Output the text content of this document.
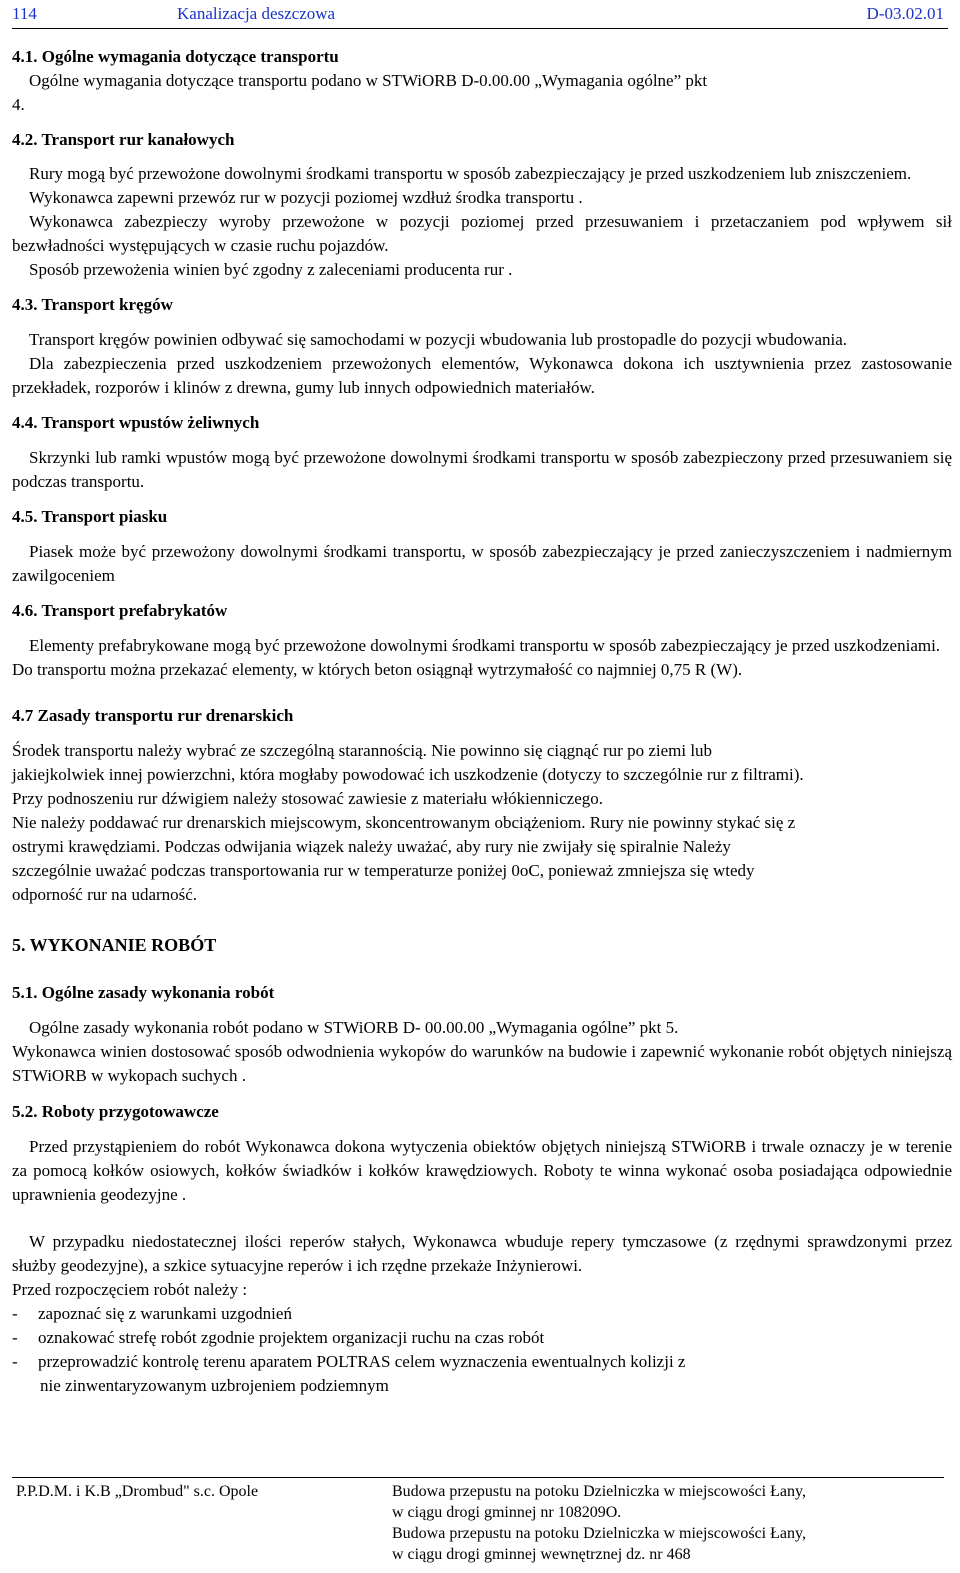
114	Kanalizacja deszczowa	D-03.02.01
4.1. Ogólne wymagania dotyczące transportu

Ogólne wymagania dotyczące transportu podano w STWiORB D-0.00.00 „Wymagania ogólne” pkt

4.

4.2. Transport rur kanałowych

Rury mogą być przewożone dowolnymi środkami transportu w sposób zabezpieczający je przed uszkodzeniem lub zniszczeniem.

Wykonawca zapewni przewóz rur w pozycji poziomej wzdłuż środka transportu .

Wykonawca zabezpieczy wyroby przewożone w pozycji poziomej przed przesuwaniem i przetaczaniem pod wpływem sił bezwładności występujących w czasie ruchu pojazdów.

Sposób przewożenia winien być zgodny z zaleceniami producenta rur .

4.3. Transport kręgów

Transport kręgów powinien odbywać się samochodami w pozycji wbudowania lub prostopadle do pozycji wbudowania.

Dla zabezpieczenia przed uszkodzeniem przewożonych elementów, Wykonawca dokona ich usztywnienia przez zastosowanie przekładek, rozporów i klinów z drewna, gumy lub innych odpowiednich materiałów.

4.4. Transport wpustów żeliwnych

Skrzynki lub ramki wpustów mogą być przewożone dowolnymi środkami transportu w sposób zabezpieczony przed przesuwaniem się podczas transportu.

4.5. Transport piasku

Piasek może być przewożony dowolnymi środkami transportu, w sposób zabezpieczający je przed zanieczyszczeniem i nadmiernym zawilgoceniem

4.6. Transport prefabrykatów

Elementy prefabrykowane mogą być przewożone dowolnymi środkami transportu w sposób zabezpieczający je przed uszkodzeniami.

Do transportu można przekazać elementy, w których beton osiągnął wytrzymałość co najmniej 0,75 R (W).

4.7 Zasady transportu rur drenarskich

Środek transportu należy wybrać ze szczególną starannością. Nie powinno się ciągnąć rur po ziemi lub

jakiejkolwiek innej powierzchni, która mogłaby powodować ich uszkodzenie (dotyczy to szczególnie rur z filtrami).

Przy podnoszeniu rur dźwigiem należy stosować zawiesie z materiału włókienniczego.

Nie należy poddawać rur drenarskich miejscowym, skoncentrowanym obciążeniom. Rury nie powinny stykać się z

ostrymi krawędziami. Podczas odwijania wiązek należy uważać, aby rury nie zwijały się spiralnie Należy

szczególnie uważać podczas transportowania rur w temperaturze poniżej 0oC, ponieważ zmniejsza się wtedy

odporność rur na udarność.

5. WYKONANIE ROBÓT
5.1. Ogólne zasady wykonania robót

Ogólne zasady wykonania robót podano w STWiORB D- 00.00.00 „Wymagania ogólne” pkt 5.

Wykonawca winien dostosować sposób odwodnienia wykopów do warunków na budowie i zapewnić wykonanie robót objętych niniejszą STWiORB w wykopach suchych .

5.2. Roboty przygotowawcze

Przed przystąpieniem do robót Wykonawca dokona wytyczenia obiektów objętych niniejszą STWiORB i trwale oznaczy je w terenie za pomocą kołków osiowych, kołków świadków i kołków krawędziowych. Roboty te winna wykonać osoba posiadająca odpowiednie uprawnienia geodezyjne .

W przypadku niedostatecznej ilości reperów stałych, Wykonawca wbuduje repery tymczasowe (z rzędnymi sprawdzonymi przez służby geodezyjne), a szkice sytuacyjne reperów i ich rzędne przekaże Inżynierowi.

Przed rozpoczęciem robót należy :

-	zapoznać się z warunkami uzgodnień
-	oznakować strefę robót zgodnie projektem organizacji ruchu na czas robót
-	przeprowadzić kontrolę terenu aparatem POLTRAS celem wyznaczenia ewentualnych kolizji z

nie zinwentaryzowanym uzbrojeniem podziemnym

P.P.D.M. i K.B „Drombud" s.c. Opole	Budowa przepustu na potoku Dzielniczka w miejscowości Łany,
w ciągu drogi gminnej nr 108209O.
Budowa przepustu na potoku Dzielniczka w miejscowości Łany,
w ciągu drogi gminnej wewnętrznej dz. nr 468
